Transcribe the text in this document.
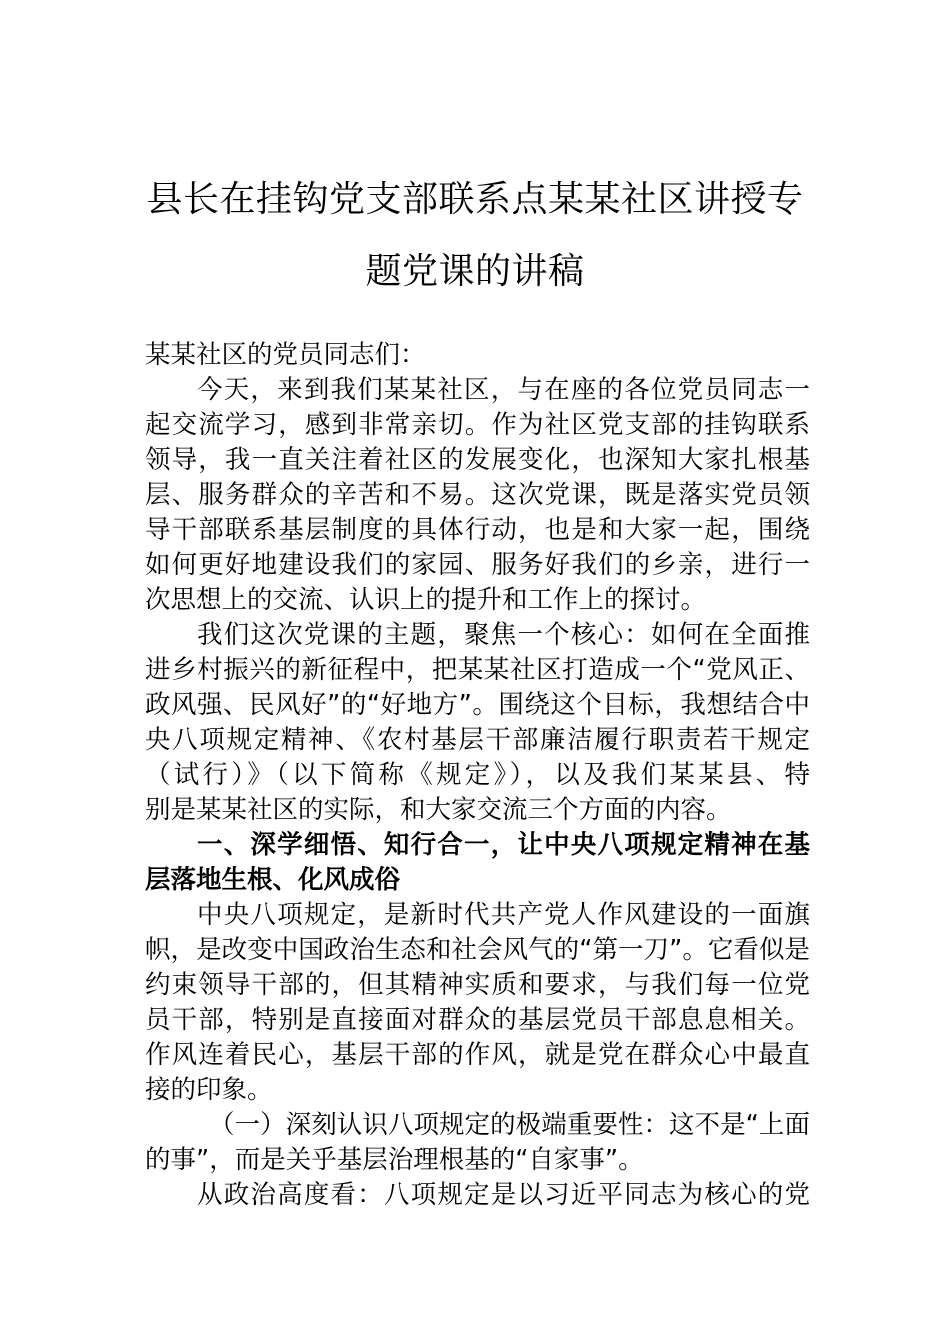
县长在挂钩党支部联系点某某社区讲授专
题党课的讲稿
某某社区的党员同志们：
今天，来到我们某某社区，与在座的各位党员同志一
起交流学习，感到非常亲切。作为社区党支部的挂钩联系
领导，我一直关注着社区的发展变化，也深知大家扎根基
层、服务群众的辛苦和不易。这次党课，既是落实党员领
导干部联系基层制度的具体行动，也是和大家一起，围绕
如何更好地建设我们的家园、服务好我们的乡亲，进行一
次思想上的交流、认识上的提升和工作上的探讨。
我们这次党课的主题，聚焦一个核心：如何在全面推
进乡村振兴的新征程中，把某某社区打造成一个“党风正、
政风强、民风好”的“好地方”。围绕这个目标，我想结合中
央八项规定精神、《农村基层干部廉洁履行职责若干规定
（试行）》（以下简称《规定》），以及我们某某县、特
别是某某社区的实际，和大家交流三个方面的内容。
一、深学细悟、知行合一，让中央八项规定精神在基
层落地生根、化风成俗
中央八项规定，是新时代共产党人作风建设的一面旗
帜，是改变中国政治生态和社会风气的“第一刀”。它看似是
约束领导干部的，但其精神实质和要求，与我们每一位党
员干部，特别是直接面对群众的基层党员干部息息相关。
作风连着民心，基层干部的作风，就是党在群众心中最直
接的印象。
（一）深刻认识八项规定的极端重要性：这不是“上面
的事”，而是关乎基层治理根基的“自家事”。
从政治高度看：八项规定是以习近平同志为核心的党
